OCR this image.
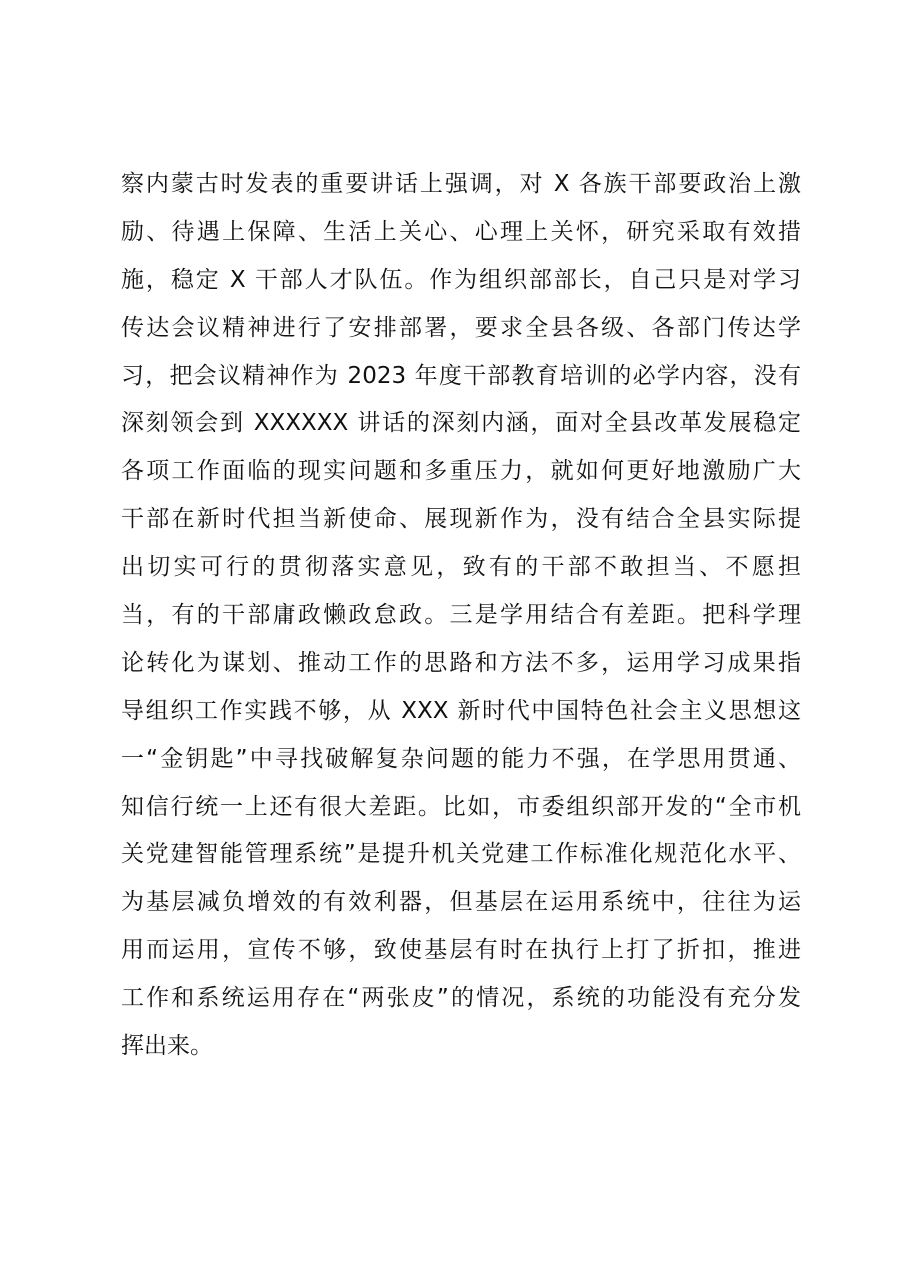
察内蒙古时发表的重要讲话上强调，对 X 各族干部要政治上激
励、待遇上保障、生活上关心、心理上关怀，研究采取有效措
施，稳定 X 干部人才队伍。作为组织部部长，自己只是对学习
传达会议精神进行了安排部署，要求全县各级、各部门传达学
习，把会议精神作为 2023 年度干部教育培训的必学内容，没有
深刻领会到 XXXXXX 讲话的深刻内涵，面对全县改革发展稳定
各项工作面临的现实问题和多重压力，就如何更好地激励广大
干部在新时代担当新使命、展现新作为，没有结合全县实际提
出切实可行的贯彻落实意见，致有的干部不敢担当、不愿担
当，有的干部庸政懒政怠政。三是学用结合有差距。把科学理
论转化为谋划、推动工作的思路和方法不多，运用学习成果指
导组织工作实践不够，从 XXX 新时代中国特色社会主义思想这
一“金钥匙”中寻找破解复杂问题的能力不强，在学思用贯通、
知信行统一上还有很大差距。比如，市委组织部开发的“全市机
关党建智能管理系统”是提升机关党建工作标准化规范化水平、
为基层减负增效的有效利器，但基层在运用系统中，往往为运
用而运用，宣传不够，致使基层有时在执行上打了折扣，推进
工作和系统运用存在“两张皮”的情况，系统的功能没有充分发
挥出来。
